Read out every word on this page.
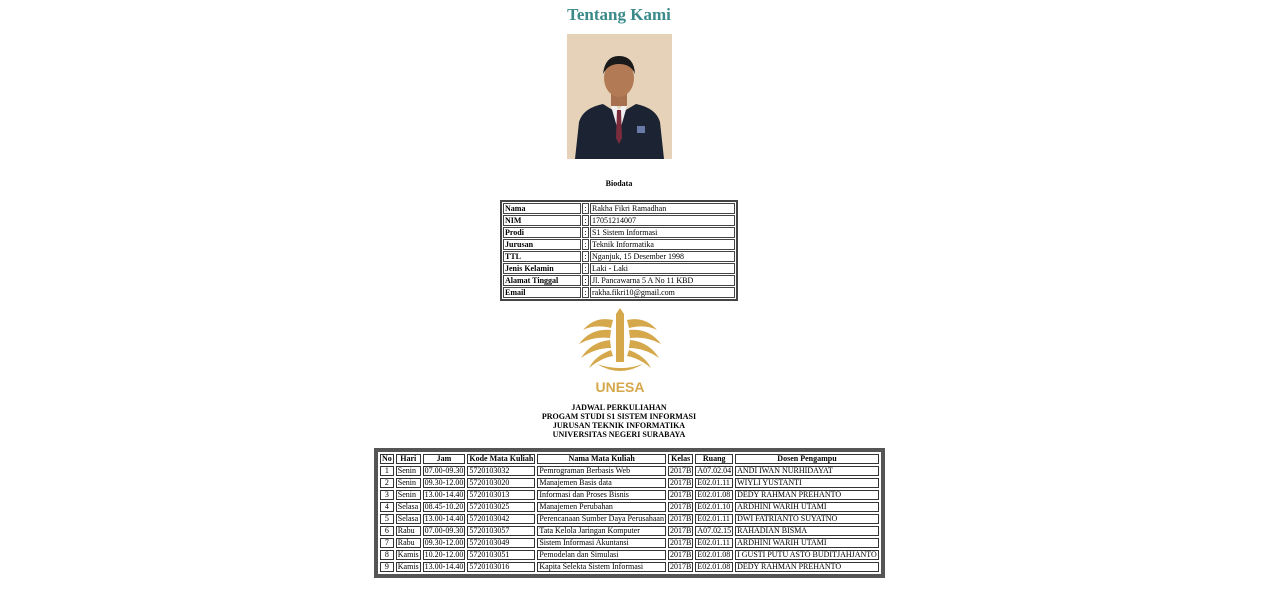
Tentang Kami
Biodata
Nama	:	Rakha Fikri Ramadhan
NIM	:	17051214007
Prodi	:	S1 Sistem Informasi
Jurusan	:	Teknik Informatika
TTL	:	Nganjuk, 15 Desember 1998
Jenis Kelamin	:	Laki - Laki
Alamat Tinggal	:	Jl. Pancawarna 5 A No 11 KBD
Email	:	rakha.fikri10@gmail.com
UNESA
JADWAL PERKULIAHAN
PROGAM STUDI S1 SISTEM INFORMASI
JURUSAN TEKNIK INFORMATIKA
UNIVERSITAS NEGERI SURABAYA
No	Hari	Jam	Kode Mata Kuliah	Nama Mata Kuliah	Kelas	Ruang	Dosen Pengampu
1	Senin	07.00-09.30	5720103032	Pemrograman Berbasis Web	2017B	A07.02.04	ANDI IWAN NURHIDAYAT
2	Senin	09.30-12.00	5720103020	Manajemen Basis data	2017B	E02.01.11	WIYLI YUSTANTI
3	Senin	13.00-14.40	5720103013	Informasi dan Proses Bisnis	2017B	E02.01.08	DEDY RAHMAN PREHANTO
4	Selasa	08.45-10.20	5720103025	Manajemen Perubahan	2017B	E02.01.10	ARDHINI WARIH UTAMI
5	Selasa	13.00-14.40	5720103042	Perencanaan Sumber Daya Perusahaan	2017B	E02.01.11	DWI FATRIANTO SUYATNO
6	Rabu	07.00-09.30	5720103057	Tata Kelola Jaringan Komputer	2017B	A07.02.15	RAHADIAN BISMA
7	Rabu	09.30-12.00	5720103049	Sistem Informasi Akuntansi	2017B	E02.01.11	ARDHINI WARIH UTAMI
8	Kamis	10.20-12.00	5720103051	Pemodelan dan Simulasi	2017B	E02.01.08	I GUSTI PUTU ASTO BUDITJAHJANTO
9	Kamis	13.00-14.40	5720103016	Kapita Selekta Sistem Informasi	2017B	E02.01.08	DEDY RAHMAN PREHANTO
